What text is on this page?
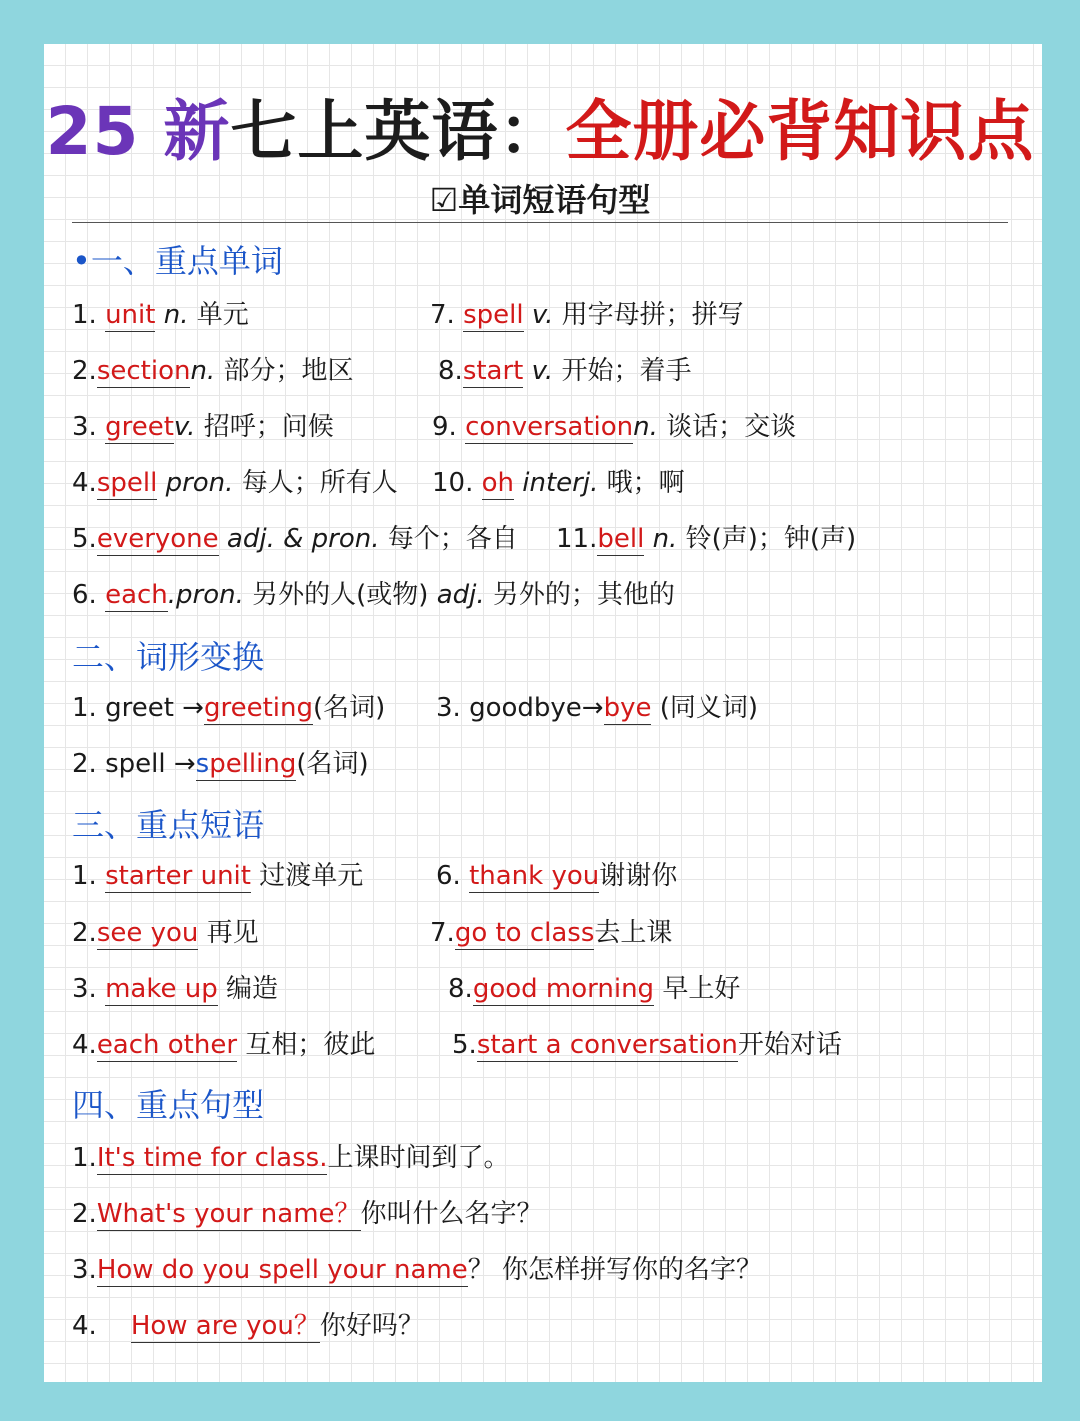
25 新七上英语：全册必背知识点
☑单词短语句型
•一、重点单词
1. unit n. 单元
2.sectionn. 部分；地区
3. greetv. 招呼；问候
4.spell pron. 每人；所有人
5.everyone adj. & pron. 每个；各自
6. each.pron. 另外的人(或物) adj. 另外的；其他的
7. spell v. 用字母拼；拼写
8.start v. 开始；着手
9. conversationn. 谈话；交谈
10. oh interj. 哦；啊
11.bell n. 铃(声)；钟(声)
二、词形变换
1. greet →greeting(名词)
2. spell →spelling(名词)
3. goodbye→bye (同义词)
三、重点短语
1. starter unit 过渡单元
2.see you 再见
3. make up 编造
4.each other 互相；彼此
6. thank you谢谢你
7.go to class去上课
8.good morning 早上好
5.start a conversation开始对话
四、重点句型
1.It's time for class.上课时间到了。
2.What's your name？你叫什么名字？
3.How do you spell your name？ 你怎样拼写你的名字？
4. How are you？你好吗？
